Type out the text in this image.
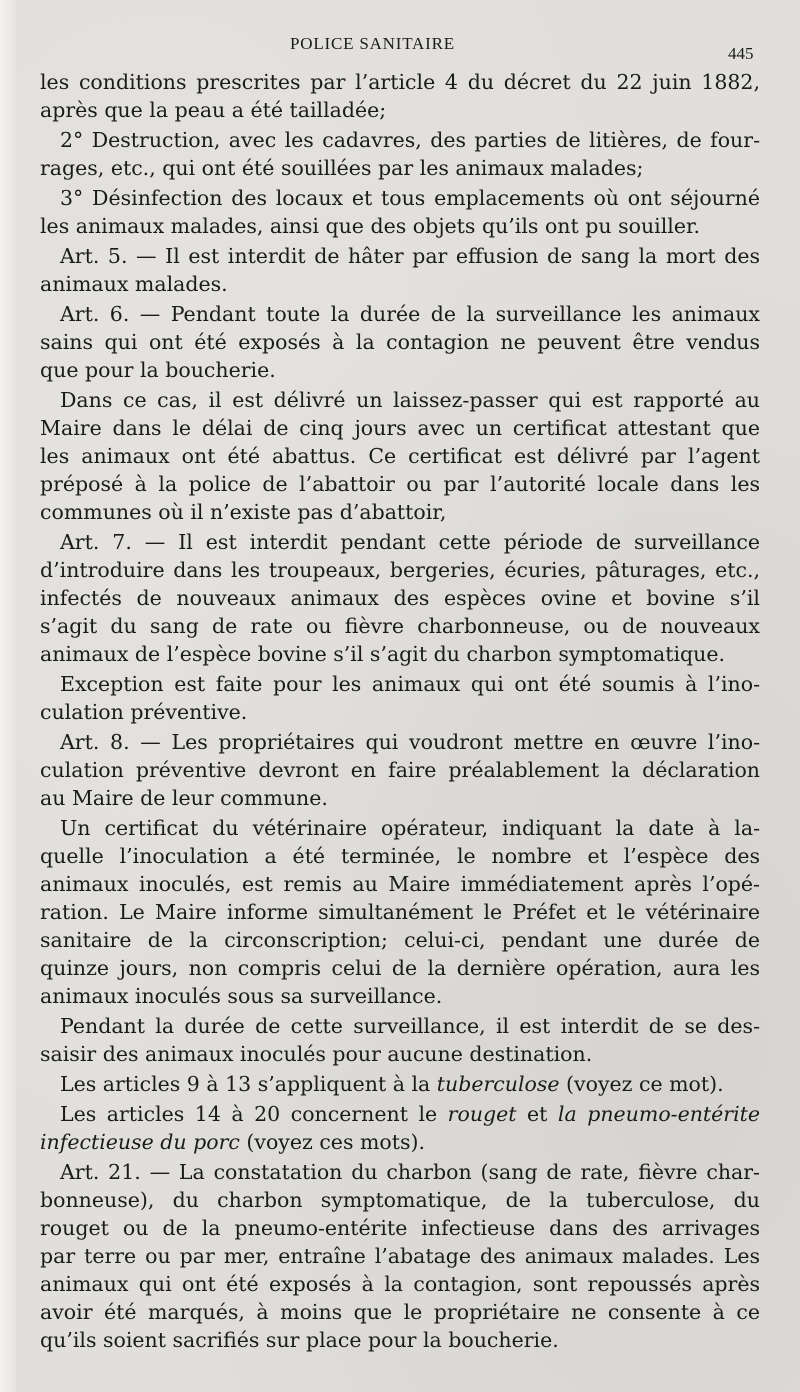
POLICE SANITAIRE
445
les conditions prescrites par l’article 4 du décret du 22 juin 1882,
après que la peau a été tailladée;
2° Destruction, avec les cadavres, des parties de litières, de four-
rages, etc., qui ont été souillées par les animaux malades;
3° Désinfection des locaux et tous emplacements où ont séjourné
les animaux malades, ainsi que des objets qu’ils ont pu souiller.
Art. 5. — Il est interdit de hâter par effusion de sang la mort des
animaux malades.
Art. 6. — Pendant toute la durée de la surveillance les animaux
sains qui ont été exposés à la contagion ne peuvent être vendus
que pour la boucherie.
Dans ce cas, il est délivré un laissez-passer qui est rapporté au
Maire dans le délai de cinq jours avec un certificat attestant que
les animaux ont été abattus. Ce certificat est délivré par l’agent
préposé à la police de l’abattoir ou par l’autorité locale dans les
communes où il n’existe pas d’abattoir,
Art. 7. — Il est interdit pendant cette période de surveillance
d’introduire dans les troupeaux, bergeries, écuries, pâturages, etc.,
infectés de nouveaux animaux des espèces ovine et bovine s’il
s’agit du sang de rate ou fièvre charbonneuse, ou de nouveaux
animaux de l’espèce bovine s’il s’agit du charbon symptomatique.
Exception est faite pour les animaux qui ont été soumis à l’ino-
culation préventive.
Art. 8. — Les propriétaires qui voudront mettre en œuvre l’ino-
culation préventive devront en faire préalablement la déclaration
au Maire de leur commune.
Un certificat du vétérinaire opérateur, indiquant la date à la-
quelle l’inoculation a été terminée, le nombre et l’espèce des
animaux inoculés, est remis au Maire immédiatement après l’opé-
ration. Le Maire informe simultanément le Préfet et le vétérinaire
sanitaire de la circonscription; celui-ci, pendant une durée de
quinze jours, non compris celui de la dernière opération, aura les
animaux inoculés sous sa surveillance.
Pendant la durée de cette surveillance, il est interdit de se des-
saisir des animaux inoculés pour aucune destination.
Les articles 9 à 13 s’appliquent à la tuberculose (voyez ce mot).
Les articles 14 à 20 concernent le rouget et la pneumo-entérite
infectieuse du porc (voyez ces mots).
Art. 21. — La constatation du charbon (sang de rate, fièvre char-
bonneuse), du charbon symptomatique, de la tuberculose, du
rouget ou de la pneumo-entérite infectieuse dans des arrivages
par terre ou par mer, entraîne l’abatage des animaux malades. Les
animaux qui ont été exposés à la contagion, sont repoussés après
avoir été marqués, à moins que le propriétaire ne consente à ce
qu’ils soient sacrifiés sur place pour la boucherie.
